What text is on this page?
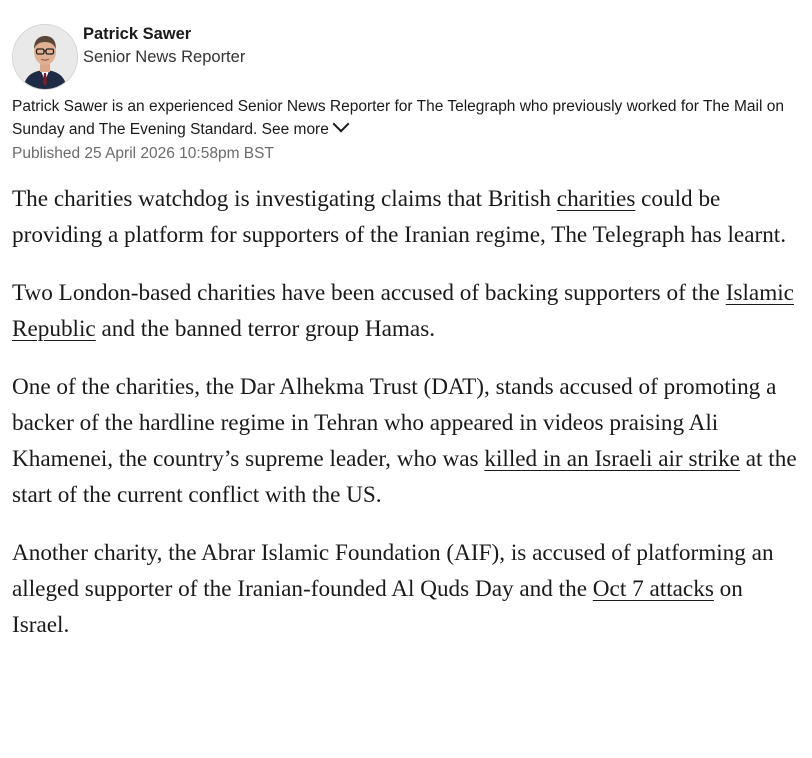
Patrick Sawer
Senior News Reporter
Patrick Sawer is an experienced Senior News Reporter for The Telegraph who previously worked for The Mail on Sunday and The Evening Standard. See more
Published 25 April 2026 10:58pm BST

The charities watchdog is investigating claims that British charities could be providing a platform for supporters of the Iranian regime, The Telegraph has learnt.

Two London-based charities have been accused of backing supporters of the Islamic Republic and the banned terror group Hamas.

One of the charities, the Dar Alhekma Trust (DAT), stands accused of promoting a backer of the hardline regime in Tehran who appeared in videos praising Ali Khamenei, the country’s supreme leader, who was killed in an Israeli air strike at the start of the current conflict with the US.

Another charity, the Abrar Islamic Foundation (AIF), is accused of platforming an alleged supporter of the Iranian-founded Al Quds Day and the Oct 7 attacks on Israel.
